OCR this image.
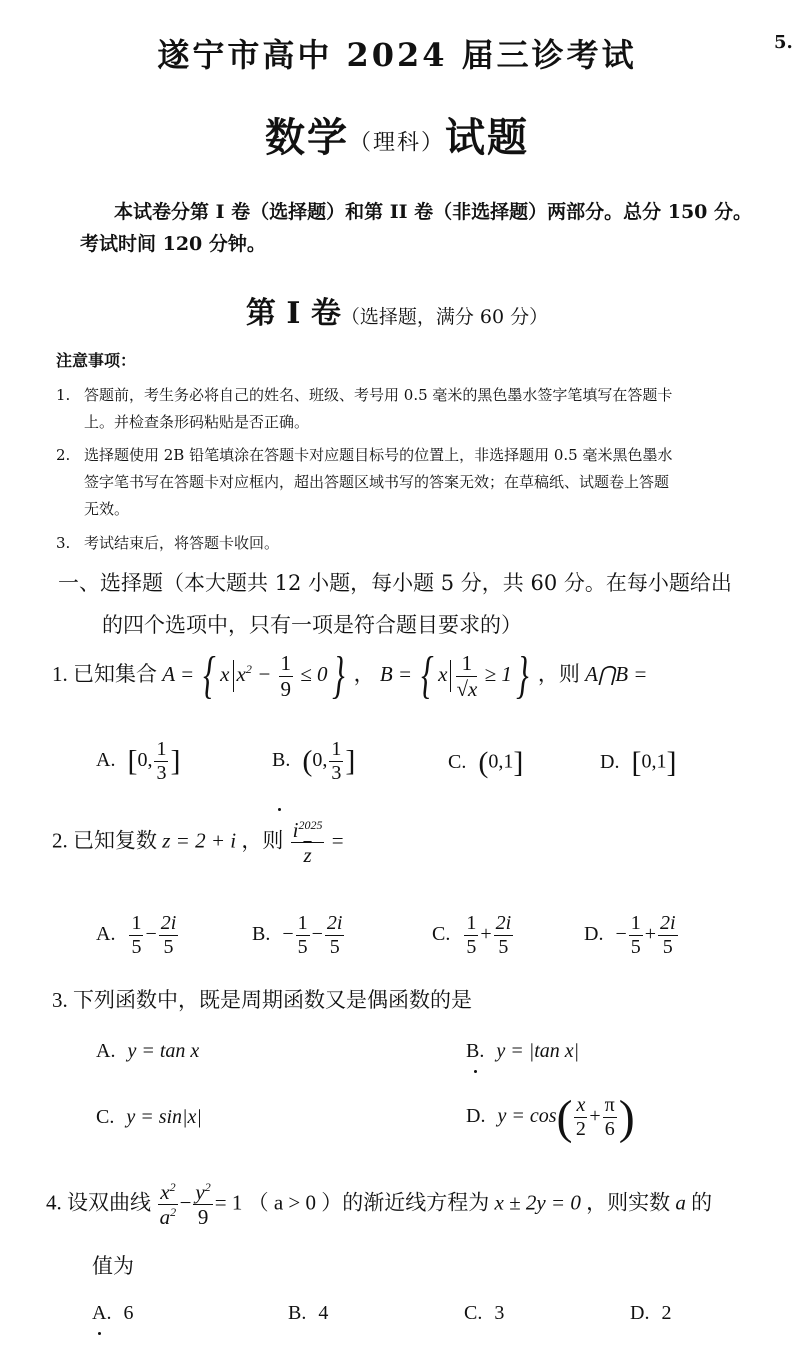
遂宁市高中 2024 届三诊考试	5.
数学（理科）试题
本试卷分第 I 卷（选择题）和第 II 卷（非选择题）两部分。总分 150 分。考试时间 120 分钟。
第 I 卷（选择题，满分 60 分）
注意事项：
1. 答题前，考生务必将自己的姓名、班级、考号用 0.5 毫米的黑色墨水签字笔填写在答题卡
上。并检查条形码粘贴是否正确。
2. 选择题使用 2B 铅笔填涂在答题卡对应题目标号的位置上，非选择题用 0.5 毫米黑色墨水
签字笔书写在答题卡对应框内，超出答题区域书写的答案无效；在草稿纸、试题卷上答题
无效。
3. 考试结束后，将答题卡收回。
一、选择题（本大题共 12 小题，每小题 5 分，共 60 分。在每小题给出
的四个选项中，只有一项是符合题目要求的）
1. 已知集合 A = { x $x^2 - \frac{1}{9} \le 0$} ， B = { x $\frac{1}{√x} \ge 1$} ，则 A⋂B =
A. [0, $\frac{1}{3}$ ]	B. (0, $\frac{1}{3}$ ]	C. (0,1]	D. [0,1]
2. 已知复数 z = 2 + i ，则 $\frac{i^{2025}}{z}$ =
A. $\frac{1}{5} - \frac{2i}{5}$	B. − $\frac{1}{5} - \frac{2i}{5}$	C. $\frac{1}{5} + \frac{2i}{5}$	D. − $\frac{1}{5} + \frac{2i}{5}$
3. 下列函数中，既是周期函数又是偶函数的是
A. y = tan x	B. y = |tan x|
C. y = sin|x|	D. $y = \cos( \frac{x}{2} + \frac{\pi}{6}$ )
4. 设双曲线 $\frac{x^2}{a^2} - \frac{y^2}{9} = 1$ （ a > 0 ）的渐近线方程为 x ± 2y = 0 ，则实数 a 的
值为
A. 6	B. 4	C. 3	D. 2
